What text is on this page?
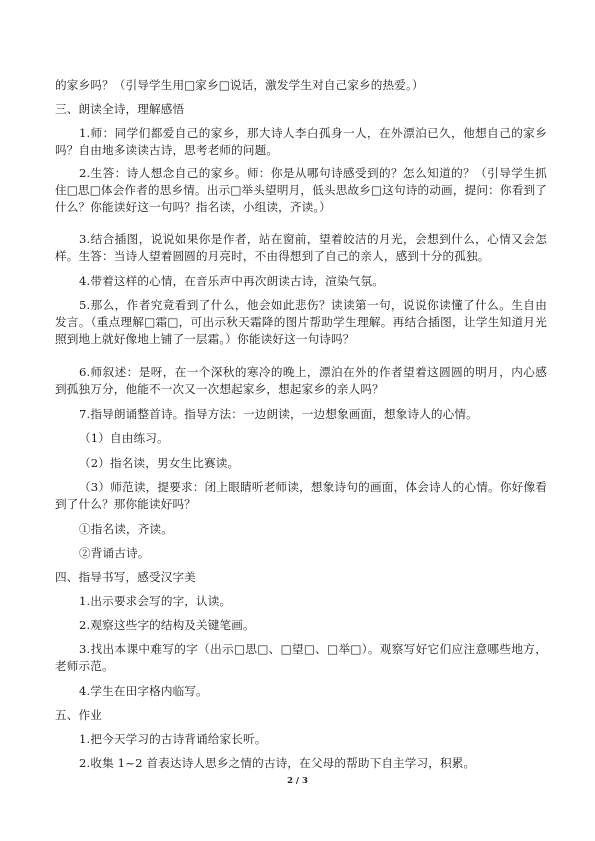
的家乡吗？（引导学生用□家乡□说话，激发学生对自己家乡的热爱。）

三、朗读全诗，理解感悟

1.师：同学们都爱自己的家乡，那大诗人李白孤身一人，在外漂泊已久，他想自己的家乡吗？自由地多读读古诗，思考老师的问题。

2.生答：诗人想念自己的家乡。师：你是从哪句诗感受到的？怎么知道的？（引导学生抓住□思□体会作者的思乡情。出示□举头望明月，低头思故乡□这句诗的动画，提问：你看到了什么？你能读好这一句吗？指名读，小组读，齐读。）

3.结合插图，说说如果你是作者，站在窗前，望着皎洁的月光，会想到什么，心情又会怎样。生答：当诗人望着圆圆的月亮时，不由得想到了自己的亲人，感到十分的孤独。

4.带着这样的心情，在音乐声中再次朗读古诗，渲染气氛。

5.那么，作者究竟看到了什么，他会如此悲伤？读读第一句，说说你读懂了什么。生自由发言。（重点理解□霜□，可出示秋天霜降的图片帮助学生理解。再结合插图，让学生知道月光照到地上就好像地上铺了一层霜。）你能读好这一句诗吗？

6.师叙述：是呀，在一个深秋的寒冷的晚上，漂泊在外的作者望着这圆圆的明月，内心感到孤独万分，他能不一次又一次想起家乡，想起家乡的亲人吗？

7.指导朗诵整首诗。指导方法：一边朗读，一边想象画面，想象诗人的心情。

（1）自由练习。

（2）指名读，男女生比赛读。

（3）师范读，提要求：闭上眼睛听老师读，想象诗句的画面，体会诗人的心情。你好像看到了什么？那你能读好吗？

①指名读，齐读。

②背诵古诗。

四、指导书写，感受汉字美

1.出示要求会写的字，认读。

2.观察这些字的结构及关键笔画。

3.找出本课中难写的字（出示□思□、□望□、□举□）。观察写好它们应注意哪些地方，老师示范。

4.学生在田字格内临写。

五、作业

1.把今天学习的古诗背诵给家长听。

2.收集 1~2 首表达诗人思乡之情的古诗，在父母的帮助下自主学习，积累。

2 / 3
